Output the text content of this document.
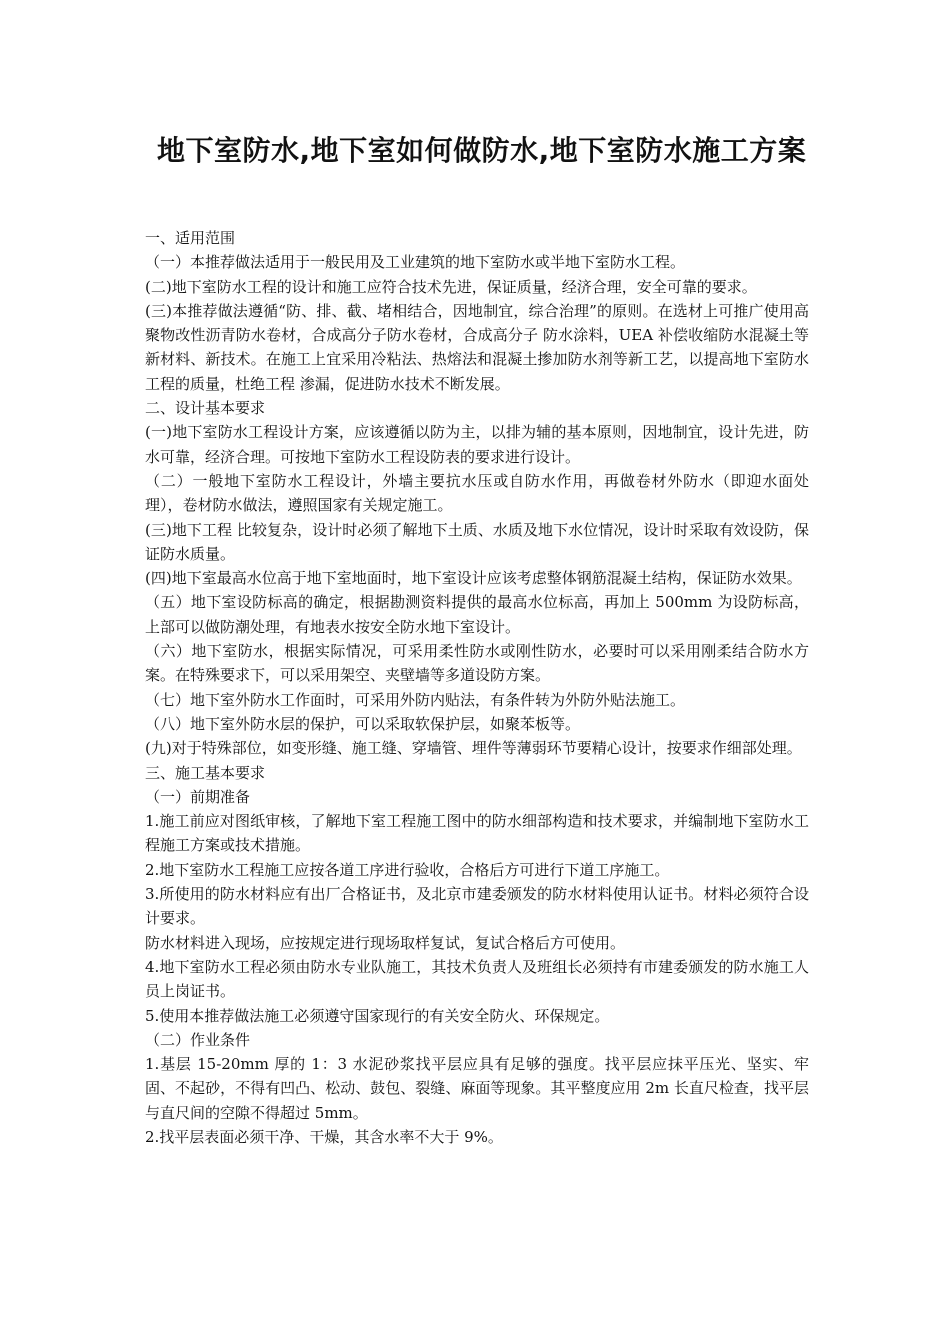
地下室防水,地下室如何做防水,地下室防水施工方案

一、适用范围

（一）本推荐做法适用于一般民用及工业建筑的地下室防水或半地下室防水工程。

(二)地下室防水工程的设计和施工应符合技术先进，保证质量，经济合理，安全可靠的要求。

(三)本推荐做法遵循“防、排、截、堵相结合，因地制宜，综合治理”的原则。在选材上可推广使用高聚物改性沥青防水卷材，合成高分子防水卷材，合成高分子 防水涂料，UEA 补偿收缩防水混凝土等新材料、新技术。在施工上宜采用冷粘法、热熔法和混凝土掺加防水剂等新工艺，以提高地下室防水工程的质量，杜绝工程 渗漏，促进防水技术不断发展。

二、设计基本要求

(一)地下室防水工程设计方案，应该遵循以防为主，以排为辅的基本原则，因地制宜，设计先进，防水可靠，经济合理。可按地下室防水工程设防表的要求进行设计。

（二）一般地下室防水工程设计，外墙主要抗水压或自防水作用，再做卷材外防水（即迎水面处理），卷材防水做法，遵照国家有关规定施工。

(三)地下工程 比较复杂，设计时必须了解地下土质、水质及地下水位情况，设计时采取有效设防，保证防水质量。

(四)地下室最高水位高于地下室地面时，地下室设计应该考虑整体钢筋混凝土结构，保证防水效果。

（五）地下室设防标高的确定，根据勘测资料提供的最高水位标高，再加上 500mm 为设防标高，上部可以做防潮处理，有地表水按安全防水地下室设计。

（六）地下室防水，根据实际情况，可采用柔性防水或刚性防水，必要时可以采用刚柔结合防水方案。在特殊要求下，可以采用架空、夹壁墙等多道设防方案。

（七）地下室外防水工作面时，可采用外防内贴法，有条件转为外防外贴法施工。

（八）地下室外防水层的保护，可以采取软保护层，如聚苯板等。

(九)对于特殊部位，如变形缝、施工缝、穿墙管、埋件等薄弱环节要精心设计，按要求作细部处理。

三、施工基本要求

（一）前期准备

1.施工前应对图纸审核，了解地下室工程施工图中的防水细部构造和技术要求，并编制地下室防水工程施工方案或技术措施。

2.地下室防水工程施工应按各道工序进行验收，合格后方可进行下道工序施工。

3.所使用的防水材料应有出厂合格证书，及北京市建委颁发的防水材料使用认证书。材料必须符合设计要求。

防水材料进入现场，应按规定进行现场取样复试，复试合格后方可使用。

4.地下室防水工程必须由防水专业队施工，其技术负责人及班组长必须持有市建委颁发的防水施工人员上岗证书。

5.使用本推荐做法施工必须遵守国家现行的有关安全防火、环保规定。

（二）作业条件

1.基层 15-20mm 厚的 1：3 水泥砂浆找平层应具有足够的强度。找平层应抹平压光、坚实、牢固、不起砂，不得有凹凸、松动、鼓包、裂缝、麻面等现象。其平整度应用 2m 长直尺检查，找平层与直尺间的空隙不得超过 5mm。

2.找平层表面必须干净、干燥，其含水率不大于 9%。
